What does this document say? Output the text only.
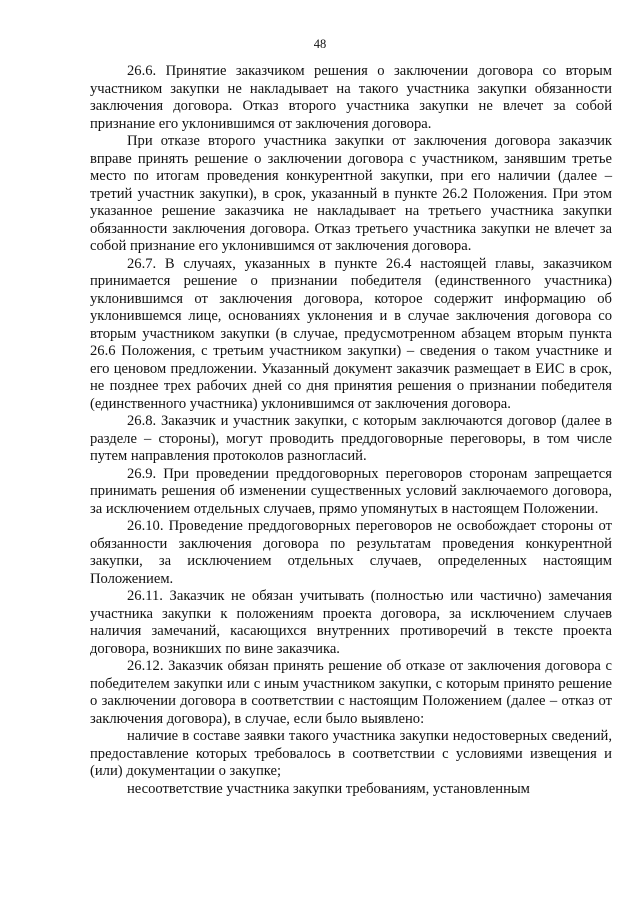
48

26.6. Принятие заказчиком решения о заключении договора со вторым участником закупки не накладывает на такого участника закупки обязанности заключения договора. Отказ второго участника закупки не влечет за собой признание его уклонившимся от заключения договора.

При отказе второго участника закупки от заключения договора заказчик вправе принять решение о заключении договора с участником, занявшим третье место по итогам проведения конкурентной закупки, при его наличии (далее – третий участник закупки), в срок, указанный в пункте 26.2 Положения. При этом указанное решение заказчика не накладывает на третьего участника закупки обязанности заключения договора. Отказ третьего участника закупки не влечет за собой признание его уклонившимся от заключения договора.

26.7. В случаях, указанных в пункте 26.4 настоящей главы, заказчиком принимается решение о признании победителя (единственного участника) уклонившимся от заключения договора, которое содержит информацию об уклонившемся лице, основаниях уклонения и в случае заключения договора со вторым участником закупки (в случае, предусмотренном абзацем вторым пункта 26.6 Положения, с третьим участником закупки) – сведения о таком участнике и его ценовом предложении. Указанный документ заказчик размещает в ЕИС в срок, не позднее трех рабочих дней со дня принятия решения о признании победителя (единственного участника) уклонившимся от заключения договора.

26.8. Заказчик и участник закупки, с которым заключаются договор (далее в разделе – стороны), могут проводить преддоговорные переговоры, в том числе путем направления протоколов разногласий.

26.9. При проведении преддоговорных переговоров сторонам запрещается принимать решения об изменении существенных условий заключаемого договора, за исключением отдельных случаев, прямо упомянутых в настоящем Положении.

26.10. Проведение преддоговорных переговоров не освобождает стороны от обязанности заключения договора по результатам проведения конкурентной закупки, за исключением отдельных случаев, определенных настоящим Положением.

26.11. Заказчик не обязан учитывать (полностью или частично) замечания участника закупки к положениям проекта договора, за исключением случаев наличия замечаний, касающихся внутренних противоречий в тексте проекта договора, возникших по вине заказчика.

26.12. Заказчик обязан принять решение об отказе от заключения договора с победителем закупки или с иным участником закупки, с которым принято решение о заключении договора в соответствии с настоящим Положением (далее – отказ от заключения договора), в случае, если было выявлено:

наличие в составе заявки такого участника закупки недостоверных сведений, предоставление которых требовалось в соответствии с условиями извещения и (или) документации о закупке;

несоответствие участника закупки требованиям, установленным
